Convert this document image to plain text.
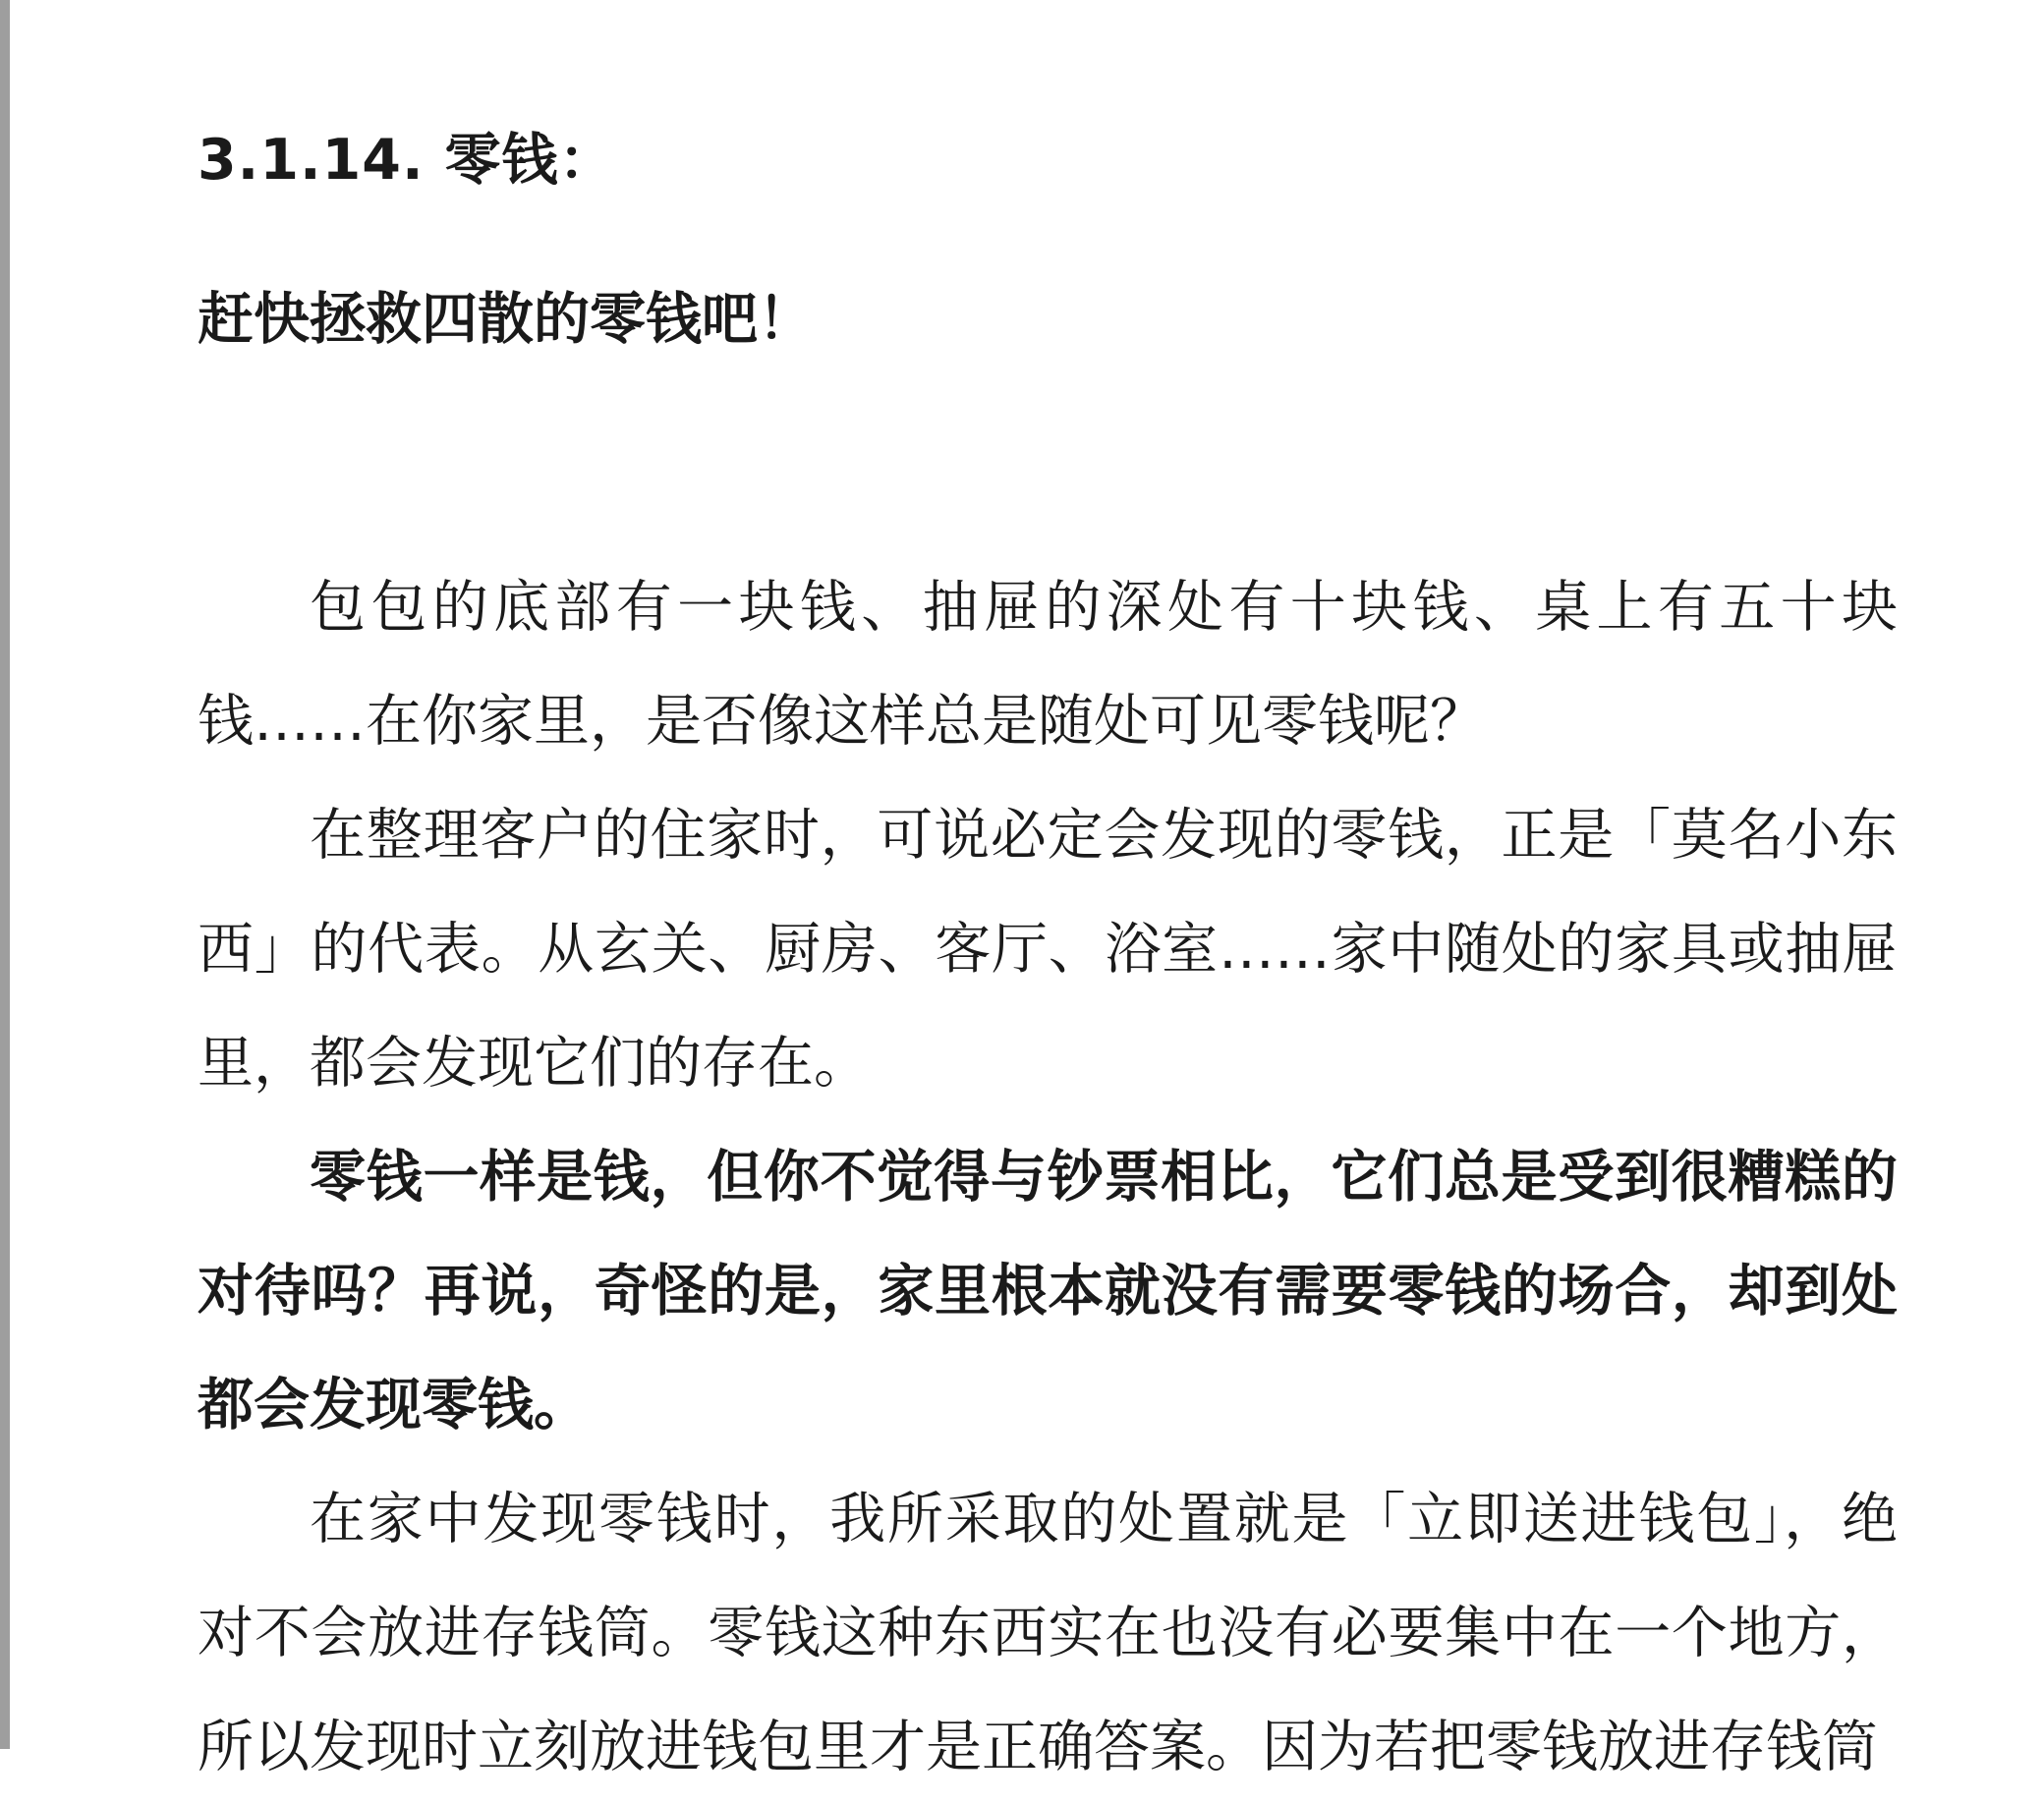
3.1.14. 零钱：
赶快拯救四散的零钱吧！

包包的底部有一块钱、抽屉的深处有十块钱、桌上有五十块钱……在你家里，是否像这样总是随处可见零钱呢？

在整理客户的住家时，可说必定会发现的零钱，正是「莫名小东西」的代表。从玄关、厨房、客厅、浴室……家中随处的家具或抽屉里，都会发现它们的存在。

零钱一样是钱，但你不觉得与钞票相比，它们总是受到很糟糕的对待吗？再说，奇怪的是，家里根本就没有需要零钱的场合，却到处都会发现零钱。

在家中发现零钱时，我所采取的处置就是「立即送进钱包」，绝对不会放进存钱筒。零钱这种东西实在也没有必要集中在一个地方，所以发现时立刻放进钱包里才是正确答案。因为若把零钱放进存钱筒
